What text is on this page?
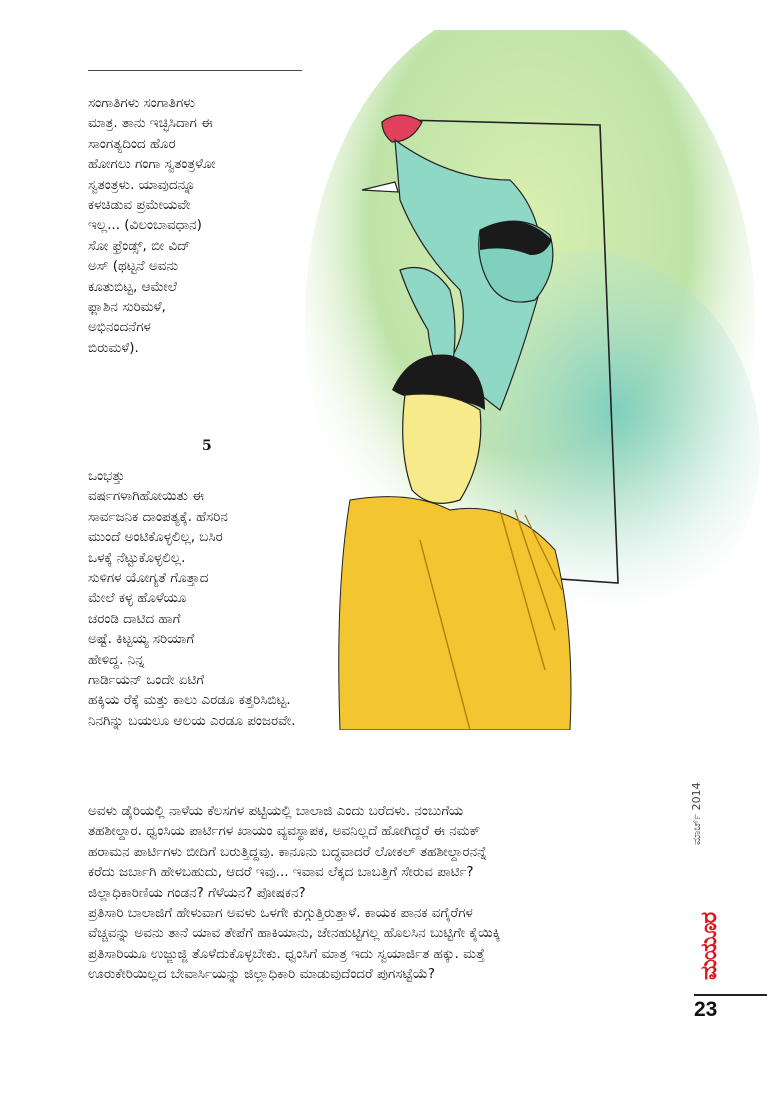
ಸಂಗಾತಿಗಳು ಸಂಗಾತಿಗಳು

ಮಾತ್ರ. ತಾನು ಇಚ್ಛಿಸಿದಾಗ ಈ

ಸಾಂಗತ್ಯದಿಂದ ಹೊರ

ಹೋಗಲು ಗಂಗಾ ಸ್ವತಂತ್ರಳೋ

ಸ್ವತಂತ್ರಳು. ಯಾವುದನ್ನೂ

ಕಳಚಿಡುವ ಪ್ರಮೇಯವೇ

ಇಲ್ಲ... (ವಿಲಂಬಾವಧಾನ)

ಸೋ ಫ್ರೆಂಡ್ಸ್, ಬೀ ವಿದ್

ಅಸ್ (ಥಟ್ಟನೆ ಅವನು

ಕೂತುಬಿಟ್ಟ, ಆಮೇಲೆ

ಫ್ಲಾಶಿನ ಸುರಿಮಳೆ,

ಅಭಿನಂದನೆಗಳ

ಬಿರುಮಳೆ).

5

ಒಂಭತ್ತು

ವರ್ಷಗಳಾಗಿಹೋಯಿತು ಈ

ಸಾರ್ವಜನಿಕ ದಾಂಪತ್ಯಕ್ಕೆ. ಹೆಸರಿನ

ಮುಂದೆ ಅಂಟಿಕೊಳ್ಳಲಿಲ್ಲ, ಬಸಿರ

ಒಳಕ್ಕೆ ನೆಟ್ಟುಕೊಳ್ಳಲಿಲ್ಲ.

ಸುಳಿಗಳ ಯೋಗ್ಯತೆ ಗೊತ್ತಾದ

ಮೇಲೆ ಕಳ್ಳ ಹೊಳೆಯೂ

ಚರಂಡಿ ದಾಟಿದ ಹಾಗೆ

ಅಷ್ಟೆ. ಕಿಟ್ಟಯ್ಯ ಸರಿಯಾಗೆ

ಹೇಳಿದ್ದ. ನಿನ್ನ

ಗಾರ್ಡಿಯನ್ ಒಂದೇ ಏಟಿಗೆ

ಹಕ್ಕಿಯ ರೆಕ್ಕೆ ಮತ್ತು ಕಾಲು ಎರಡೂ ಕತ್ತರಿಸಿಬಿಟ್ಟ.

ನಿನಗಿನ್ನು ಬಯಲೂ ಆಲಯ ಎರಡೂ ಪಂಜರವೇ.

ಅವಳು ಡೈರಿಯಲ್ಲಿ ನಾಳೆಯ ಕೆಲಸಗಳ ಪಟ್ಟಿಯಲ್ಲಿ ಬಾಲಾಜಿ ಎಂದು ಬರೆದಳು. ನಂಬುಗೆಯ

ತಹಶೀಲ್ದಾರ. ಧ್ವಂಸಿಯ ಪಾರ್ಟಿಗಳ ಖಾಯಂ ವ್ಯವಸ್ಥಾಪಕ, ಅವನಿಲ್ಲದೆ ಹೋಗಿದ್ದರೆ ಈ ನಮಕ್

ಹರಾಮನ ಪಾರ್ಟಿಗಳು ಬೀದಿಗೆ ಬರುತ್ತಿದ್ದವು. ಕಾನೂನು ಬದ್ಧವಾದರೆ ಲೋಕಲ್ ತಹಶೀಲ್ದಾರನನ್ನೆ

ಕರೆದು ಜರ್ಬಾಗಿ ಹೇಳಬಹುದು, ಆದರೆ ಇವು... ಇವಾವ ಲೆಕ್ಕದ ಬಾಬತ್ತಿಗೆ ಸೇರುವ ಪಾರ್ಟಿ?

ಜಿಲ್ಲಾಧಿಕಾರಿಣಿಯ ಗಂಡನ? ಗೆಳೆಯನ? ಪೋಷಕನ?

ಪ್ರತಿಸಾರಿ ಬಾಲಾಜಿಗೆ ಹೇಳುವಾಗ ಅವಳು ಒಳಗೇ ಕುಗ್ಗುತ್ತಿರುತ್ತಾಳೆ. ಕಾಯಕ ಪಾನಕ ವಗೈರೆಗಳ

ವೆಚ್ಚವನ್ನು ಅವನು ತಾನೆ ಯಾವ ತೇಪೆಗೆ ಹಾಕಿಯಾನು, ಜೇನಹುಟ್ಟಿಗಲ್ಲ ಹೊಲಸಿನ ಬುಟ್ಟಿಗೇ ಕೈಯಿಕ್ಕಿ

ಪ್ರತಿಸಾರಿಯೂ ಉಜ್ಜುಜ್ಜಿ ತೊಳೆದುಕೊಳ್ಳಬೇಕು. ಧ್ವಂಸಿಗೆ ಮಾತ್ರ ಇದು ಸ್ವಯಾರ್ಜಿತ ಹಕ್ಕು. ಮತ್ತೆ

ಊರುಕೇರಿಯಿಲ್ಲದ ಬೇವಾರ್ಸಿಯನ್ನು ಜಿಲ್ಲಾಧಿಕಾರಿ ಮಾಡುವುದೆಂದರೆ ಪುಗಸಟ್ಟೆಯೆ?

ಮಾರ್ಚ್ 2014
ಮಯೂರ
23
